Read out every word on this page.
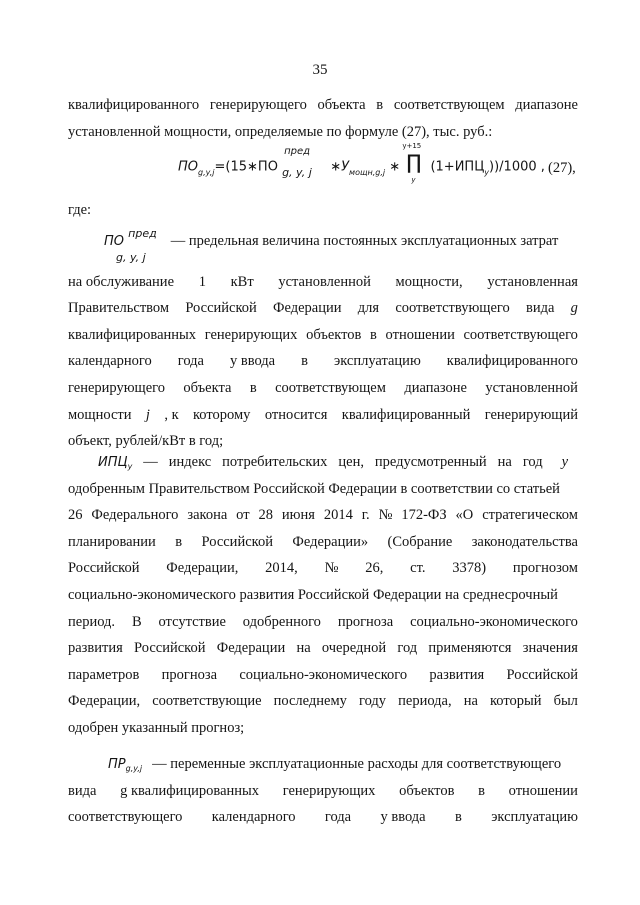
35
квалифицированного генерирующего объекта в соответствующем диапазоне
установленной мощности, определяемые по формуле (27), тыс. руб.:
$ПО_{g,y,j}=(15∗ПО$
пред
g, y, j $∗У_{мощн,g,j}$ ∗
y+15
∏
y
$(1+ИПЦ_y))/1000$ , (27),
где:
ПО $^{пред}$
g, y, j
— предельная величина постоянных эксплуатационных затрат
на обслуживание 1 кВт установленной мощности, установленная
Правительством Российской Федерации для соответствующего вида g
квалифицированных генерирующих объектов в отношении соответствующего
календарного года y ввода в эксплуатацию квалифицированного
генерирующего объекта в соответствующем диапазоне установленной
мощности j , к которому относится квалифицированный генерирующий
объект, рублей/кВт в год;
$ИПЦ_y$ — индекс потребительских цен, предусмотренный на год y
одобренным Правительством Российской Федерации в соответствии со статьей
26 Федерального закона от 28 июня 2014 г. № 172-ФЗ «О стратегическом
планировании в Российской Федерации» (Собрание законодательства
Российской Федерации, 2014, № 26, ст. 3378) прогнозом
социально-экономического развития Российской Федерации на среднесрочный
период. В отсутствие одобренного прогноза социально-экономического
развития Российской Федерации на очередной год применяются значения
параметров прогноза социально-экономического развития Российской
Федерации, соответствующие последнему году периода, на который был
одобрен указанный прогноз;
$ПР_{g,y,j}$ — переменные эксплуатационные расходы для соответствующего
вида g квалифицированных генерирующих объектов в отношении
соответствующего календарного года y ввода в эксплуатацию
